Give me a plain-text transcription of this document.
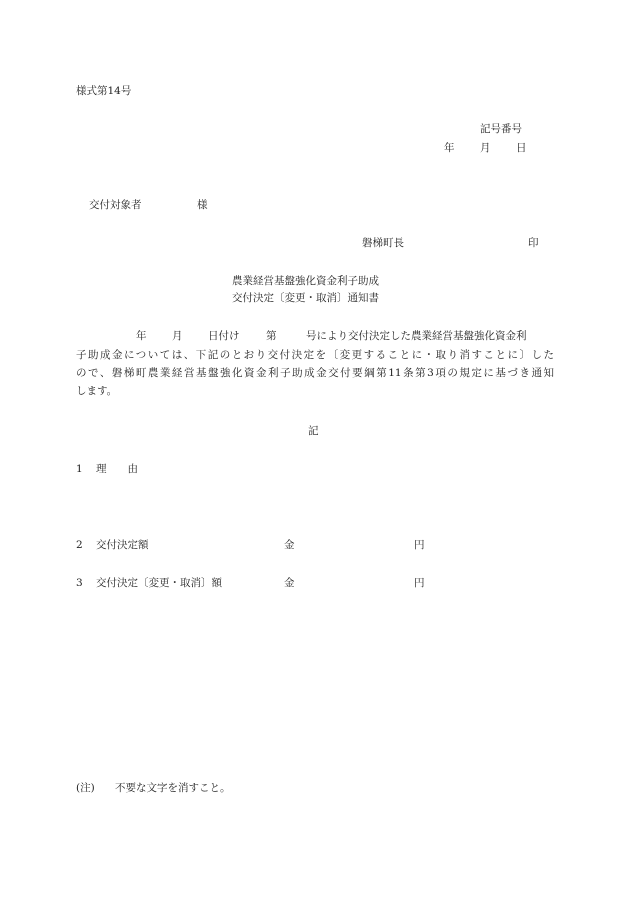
様式第14号
記号番号
年 月 日
交付対象者	様
磐梯町長	印
農業経営基盤強化資金利子助成
交付決定〔変更・取消〕通知書
年 月 日付け	第	号により交付決定した農業経営基盤強化資金利
子助成金については、下記のとおり交付決定を〔変更することに・取り消すことに〕した
ので、磐梯町農業経営基盤強化資金利子助成金交付要綱第11条第3項の規定に基づき通知
します。
記
1 理　　由
2 交付決定額	金	円
3 交付決定〔変更・取消〕額	金	円
(注) 不要な文字を消すこと。
